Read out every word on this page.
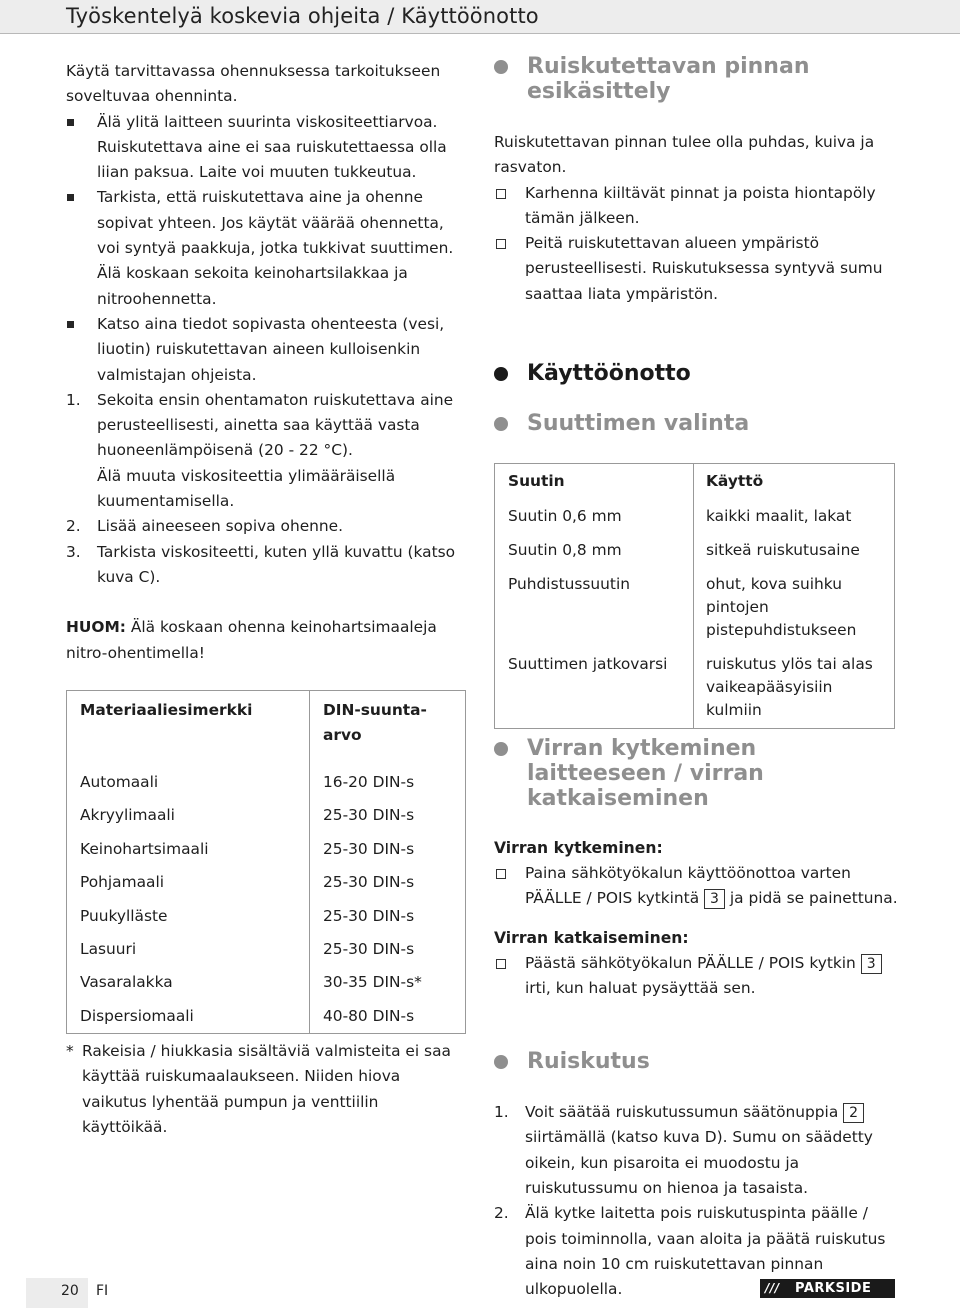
Työskentelyä koskevia ohjeita / Käyttöönotto

Käytä tarvittavassa ohennuksessa tarkoitukseen soveltuvaa ohenninta.

Älä ylitä laitteen suurinta viskositeettiarvoa. Ruiskutettava aine ei saa ruiskutettaessa olla liian paksua. Laite voi muuten tukkeutua.

Tarkista, että ruiskutettava aine ja ohenne sopivat yhteen. Jos käytät väärää ohennetta, voi syntyä paakkuja, jotka tukkivat suuttimen. Älä koskaan sekoita keinohartsilakkaa ja nitroohennetta.

Katso aina tiedot sopivasta ohenteesta (vesi, liuotin) ruiskutettavan aineen kulloisenkin valmistajan ohjeista.

1. Sekoita ensin ohentamaton ruiskutettava aine perusteellisesti, ainetta saa käyttää vasta huoneenlämpöisenä (20 - 22 °C).

Älä muuta viskositeettia ylimääräisellä kuumentamisella.

2. Lisää aineeseen sopiva ohenne.

3. Tarkista viskositeetti, kuten yllä kuvattu (katso kuva C).

HUOM: Älä koskaan ohenna keinohartsimaaleja nitro-ohentimella!

Materiaaliesimerkki	DIN-suunta-arvo
Automaali	16-20 DIN-s
Akryylimaali	25-30 DIN-s
Keinohartsimaali	25-30 DIN-s
Pohjamaali	25-30 DIN-s
Puukylläste	25-30 DIN-s
Lasuuri	25-30 DIN-s
Vasaralakka	30-35 DIN-s*
Dispersiomaali	40-80 DIN-s
* Rakeisia / hiukkasia sisältäviä valmisteita ei saa käyttää ruiskumaalaukseen. Niiden hiova vaikutus lyhentää pumpun ja venttiilin käyttöikää.
Ruiskutettavan pinnan esikäsittely

Ruiskutettavan pinnan tulee olla puhdas, kuiva ja rasvaton.

Karhenna kiiltävät pinnat ja poista hiontapöly tämän jälkeen.

Peitä ruiskutettavan alueen ympäristö perusteellisesti. Ruiskutuksessa syntyvä sumu saattaa liata ympäristön.

Käyttöönotto
Suuttimen valinta
Suutin	Käyttö
Suutin 0,6 mm	kaikki maalit, lakat
Suutin 0,8 mm	sitkeä ruiskutusaine
Puhdistussuutin	ohut, kova suihku pintojen pistepuhdistukseen
Suuttimen jatkovarsi	ruiskutus ylös tai alas vaikeapääsyisiin kulmiin
Virran kytkeminen laitteeseen / virran katkaiseminen

Virran kytkeminen:

Paina sähkötyökalun käyttöönottoa varten PÄÄLLE / POIS kytkintä 3 ja pidä se painettuna.

Virran katkaiseminen:

Päästä sähkötyökalun PÄÄLLE / POIS kytkin 3 irti, kun haluat pysäyttää sen.

Ruiskutus

1. Voit säätää ruiskutussumun säätönuppia 2 siirtämällä (katso kuva D). Sumu on säädetty oikein, kun pisaroita ei muodostu ja ruiskutussumu on hienoa ja tasaista.

2. Älä kytke laitetta pois ruiskutuspinta päälle / pois toiminnolla, vaan aloita ja päätä ruiskutus aina noin 10 cm ruiskutettavan pinnan ulkopuolella.

20 FI	/// PARKSIDE
